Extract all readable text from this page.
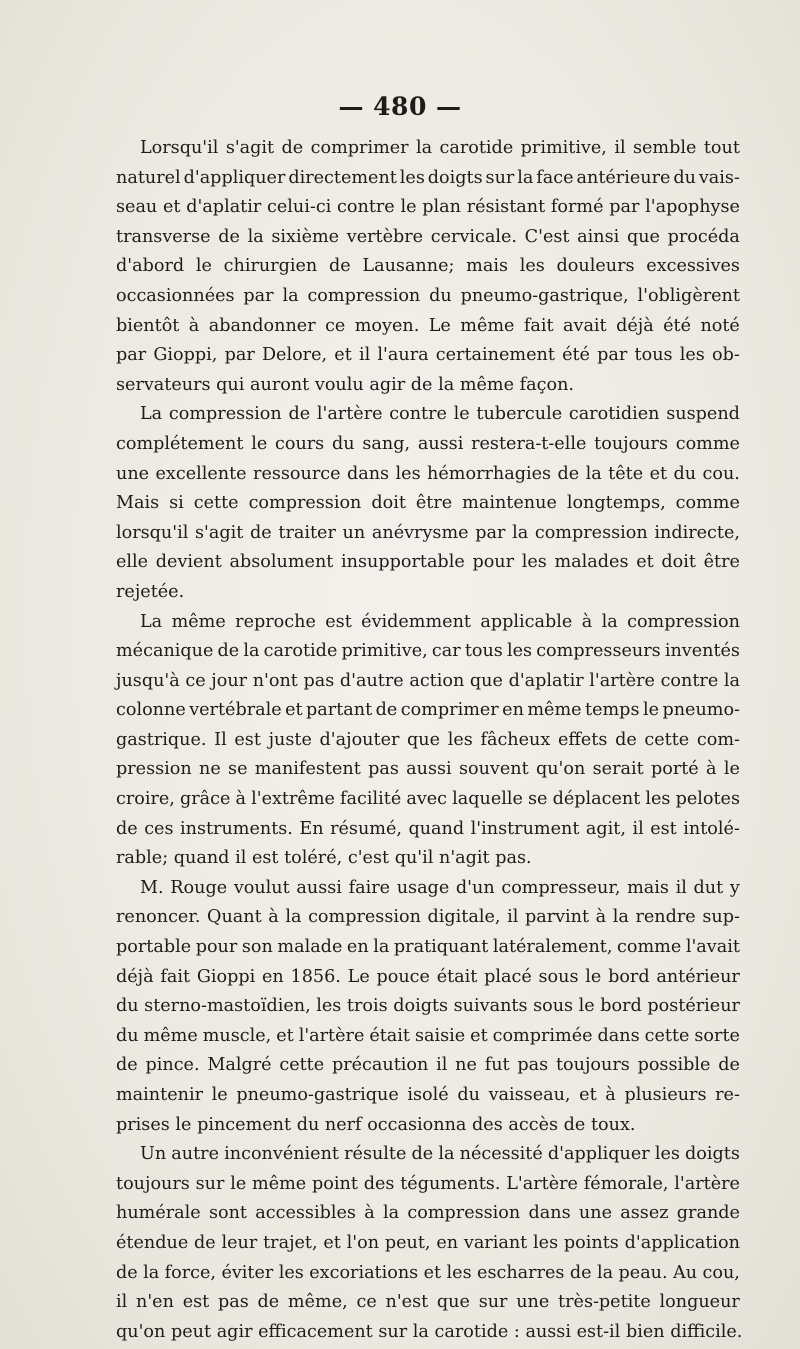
— 480 —
Lorsqu'il s'agit de comprimer la carotide primitive, il semble tout
naturel d'appliquer directement les doigts sur la face antérieure du vais-
seau et d'aplatir celui-ci contre le plan résistant formé par l'apophyse
transverse de la sixième vertèbre cervicale. C'est ainsi que procéda
d'abord le chirurgien de Lausanne; mais les douleurs excessives
occasionnées par la compression du pneumo-gastrique, l'obligèrent
bientôt à abandonner ce moyen. Le même fait avait déjà été noté
par Gioppi, par Delore, et il l'aura certainement été par tous les ob-
servateurs qui auront voulu agir de la même façon.
La compression de l'artère contre le tubercule carotidien suspend
complétement le cours du sang, aussi restera-t-elle toujours comme
une excellente ressource dans les hémorrhagies de la tête et du cou.
Mais si cette compression doit être maintenue longtemps, comme
lorsqu'il s'agit de traiter un anévrysme par la compression indirecte,
elle devient absolument insupportable pour les malades et doit être
rejetée.
La même reproche est évidemment applicable à la compression
mécanique de la carotide primitive, car tous les compresseurs inventés
jusqu'à ce jour n'ont pas d'autre action que d'aplatir l'artère contre la
colonne vertébrale et partant de comprimer en même temps le pneumo-
gastrique. Il est juste d'ajouter que les fâcheux effets de cette com-
pression ne se manifestent pas aussi souvent qu'on serait porté à le
croire, grâce à l'extrême facilité avec laquelle se déplacent les pelotes
de ces instruments. En résumé, quand l'instrument agit, il est intolé-
rable; quand il est toléré, c'est qu'il n'agit pas.
M. Rouge voulut aussi faire usage d'un compresseur, mais il dut y
renoncer. Quant à la compression digitale, il parvint à la rendre sup-
portable pour son malade en la pratiquant latéralement, comme l'avait
déjà fait Gioppi en 1856. Le pouce était placé sous le bord antérieur
du sterno-mastoïdien, les trois doigts suivants sous le bord postérieur
du même muscle, et l'artère était saisie et comprimée dans cette sorte
de pince. Malgré cette précaution il ne fut pas toujours possible de
maintenir le pneumo-gastrique isolé du vaisseau, et à plusieurs re-
prises le pincement du nerf occasionna des accès de toux.
Un autre inconvénient résulte de la nécessité d'appliquer les doigts
toujours sur le même point des téguments. L'artère fémorale, l'artère
humérale sont accessibles à la compression dans une assez grande
étendue de leur trajet, et l'on peut, en variant les points d'application
de la force, éviter les excoriations et les escharres de la peau. Au cou,
il n'en est pas de même, ce n'est que sur une très-petite longueur
qu'on peut agir efficacement sur la carotide : aussi est-il bien difficile.
